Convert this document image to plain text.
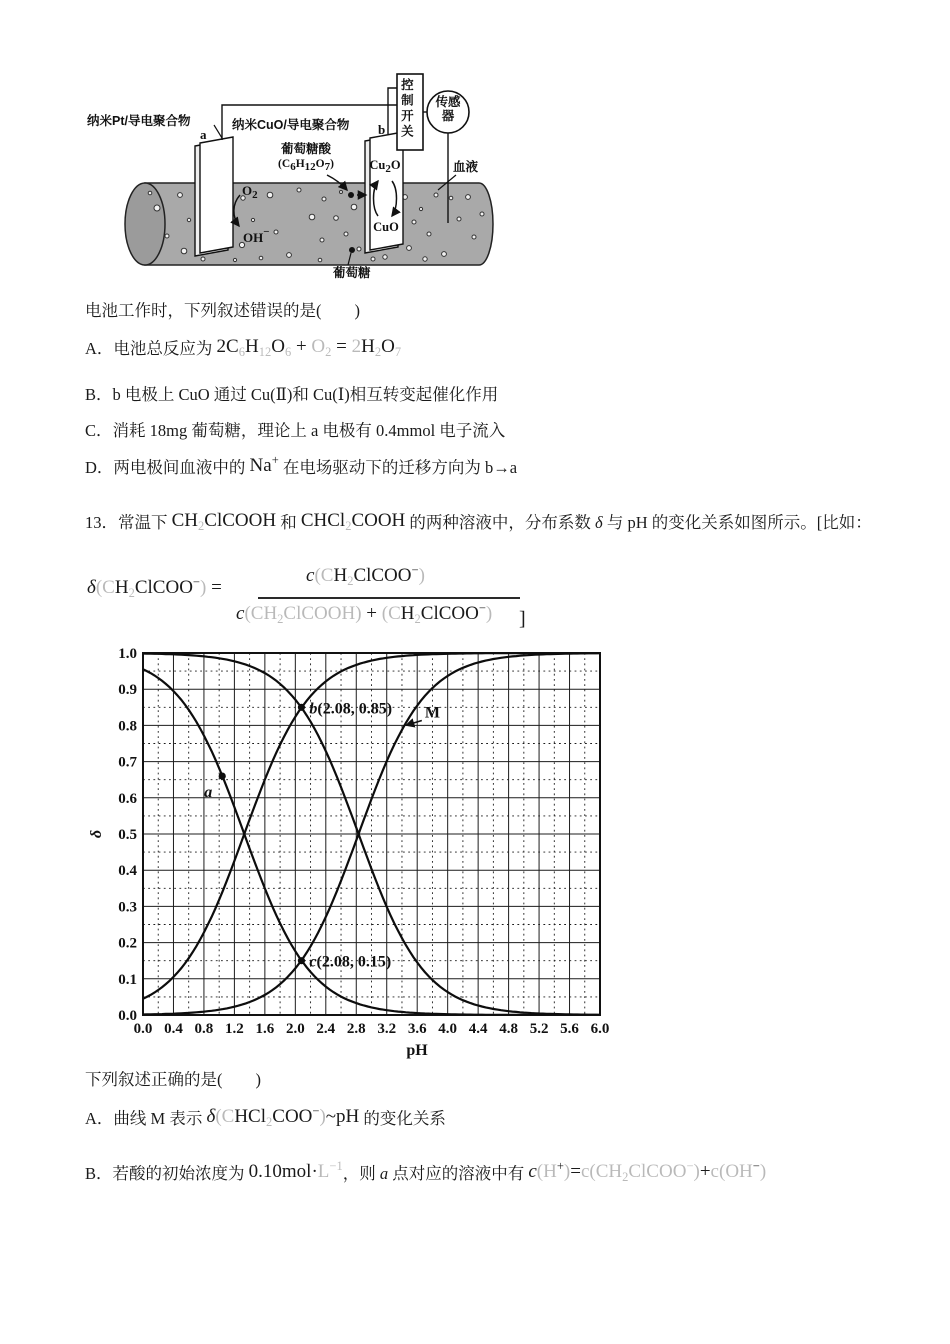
纳米Pt/导电聚合物
a
纳米CuO/导电聚合物 b
葡萄糖酸
(C6H12O7)	Cu2O
CuO
$O_2$
OH−
葡萄糖
血液
控制开关	传感器
电池工作时，下列叙述错误的是(　　)
A．电池总反应为 2C6H12O6 + O2 = 2H2O7
B．b 电极上 CuO 通过 Cu(Ⅱ)和 Cu(Ⅰ)相互转变起催化作用
C．消耗 18mg 葡萄糖，理论上 a 电极有 0.4mmol 电子流入
D．两电极间血液中的 Na+ 在电场驱动下的迁移方向为 b→a
13．常温下 CH2ClCOOH 和 CHCl2COOH 的两种溶液中，分布系数 δ 与 pH 的变化关系如图所示。[比如：
δ(CH2ClCOO−) =
c(CH2ClCOO−)
c(CH2ClCOOH) + (CH2ClCOO−) ]
0.0 0.4 0.8 1.2 1.6 2.0 2.4 2.8 3.2 3.6 4.0 4.4 4.8 5.2 5.6 6.0
1.0
0.9
0.8
0.7
0.6
0.5
0.4
0.3
0.2
0.1
0.0
pH
δ
a
b(2.08, 0.85)
c(2.08, 0.15)
M
下列叙述正确的是(　　)
A．曲线 M 表示 δ(CHCl2COO−)~pH 的变化关系
B．若酸的初始浓度为 $0.10mol\cdot L^{-1}$，则 a 点对应的溶液中有 c(H+)=c(CH2ClCOO−)+c(OH−)
